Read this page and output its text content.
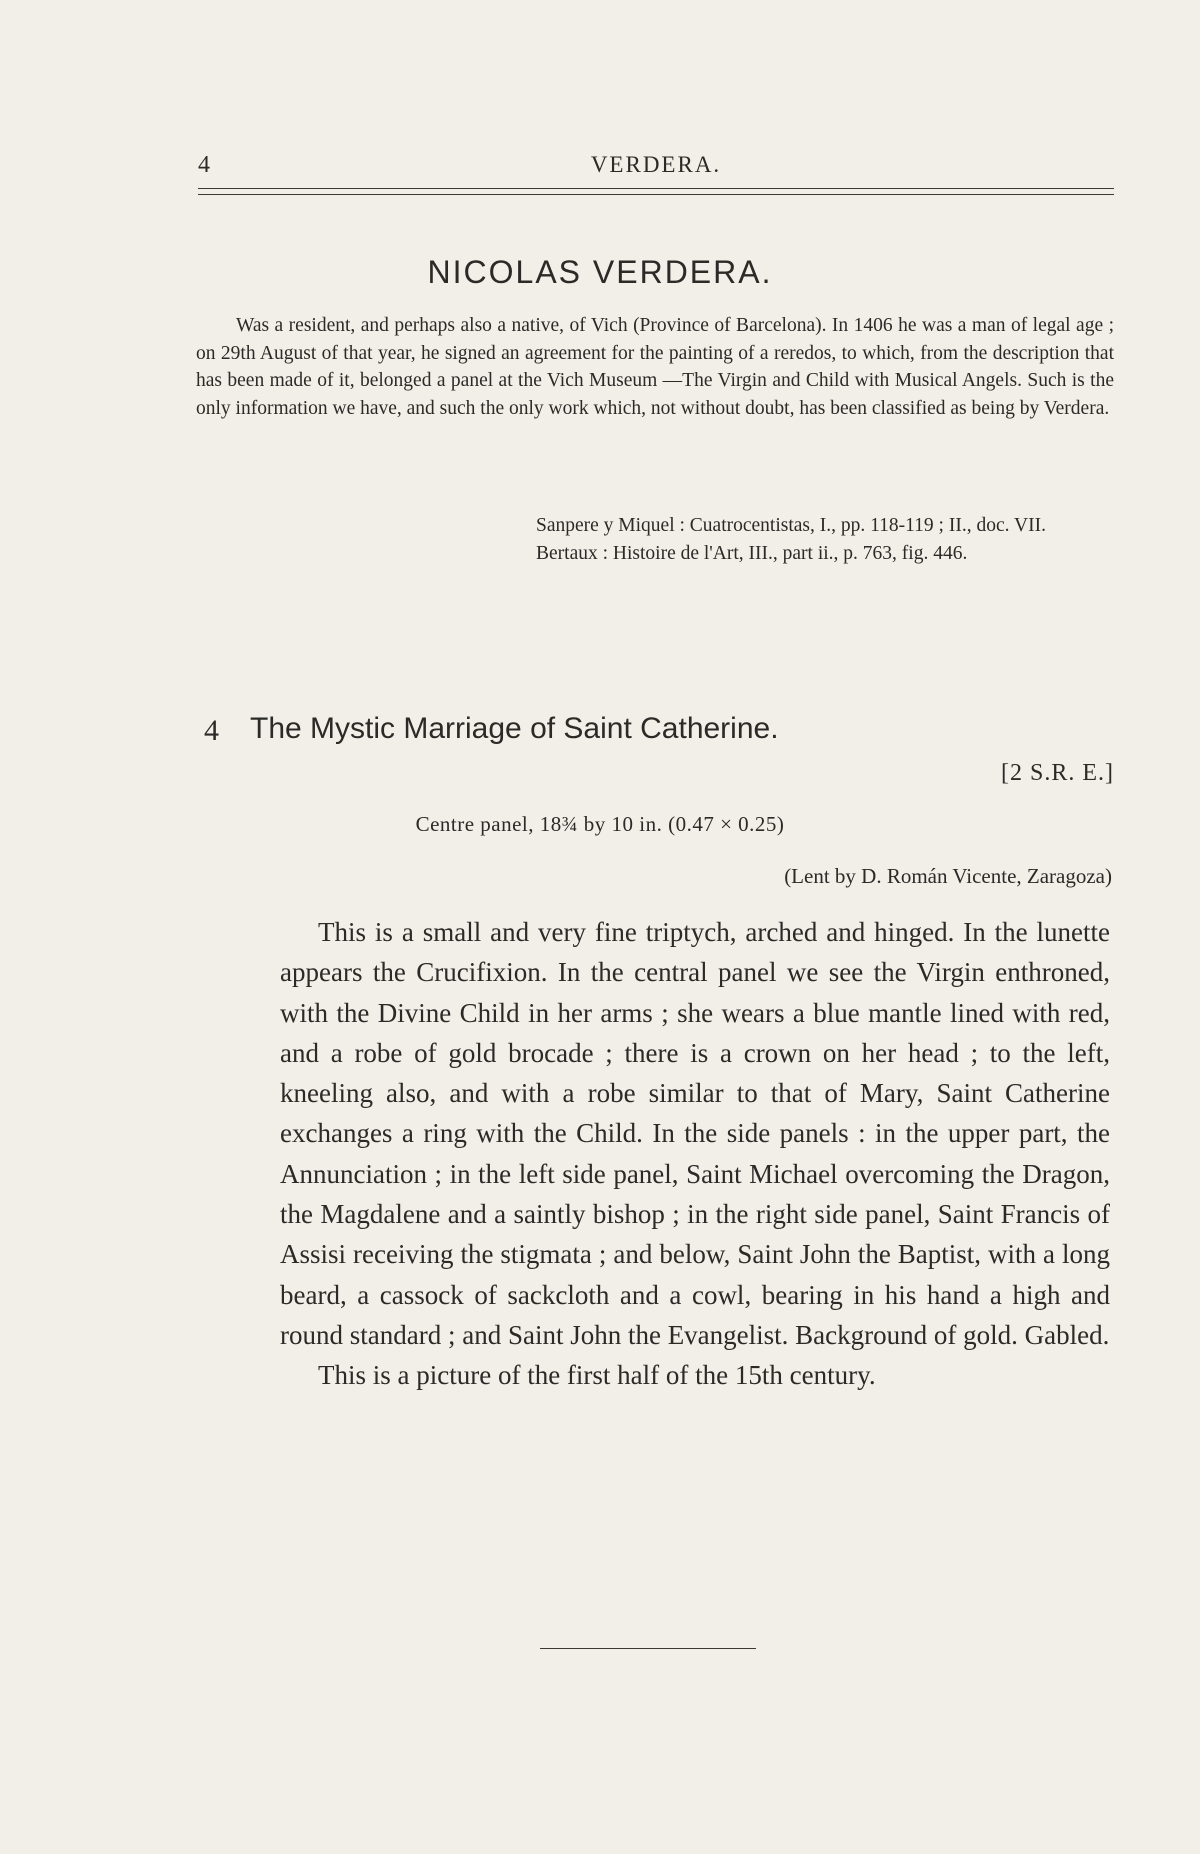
4	VERDERA.
NICOLAS VERDERA.

Was a resident, and perhaps also a native, of Vich (Province of Barcelona). In 1406 he was a man of legal age ; on 29th August of that year, he signed an agreement for the painting of a reredos, to which, from the description that has been made of it, belonged a panel at the Vich Museum —The Virgin and Child with Musical Angels. Such is the only information we have, and such the only work which, not without doubt, has been classified as being by Verdera.

Sanpere y Miquel : Cuatrocentistas, I., pp. 118-119 ; II., doc. VII.

Bertaux : Histoire de l'Art, III., part ii., p. 763, fig. 446.

4 The Mystic Marriage of Saint Catherine.
[2 S.R. E.]
Centre panel, 18¾ by 10 in. (0.47 × 0.25)
(Lent by D. Román Vicente, Zaragoza)

This is a small and very fine triptych, arched and hinged. In the lunette appears the Crucifixion. In the central panel we see the Virgin enthroned, with the Divine Child in her arms ; she wears a blue mantle lined with red, and a robe of gold brocade ; there is a crown on her head ; to the left, kneeling also, and with a robe similar to that of Mary, Saint Catherine exchanges a ring with the Child. In the side panels : in the upper part, the Annunciation ; in the left side panel, Saint Michael overcoming the Dragon, the Magdalene and a saintly bishop ; in the right side panel, Saint Francis of Assisi receiving the stigmata ; and below, Saint John the Baptist, with a long beard, a cassock of sackcloth and a cowl, bearing in his hand a high and round standard ; and Saint John the Evangelist. Background of gold. Gabled.

This is a picture of the first half of the 15th century.
